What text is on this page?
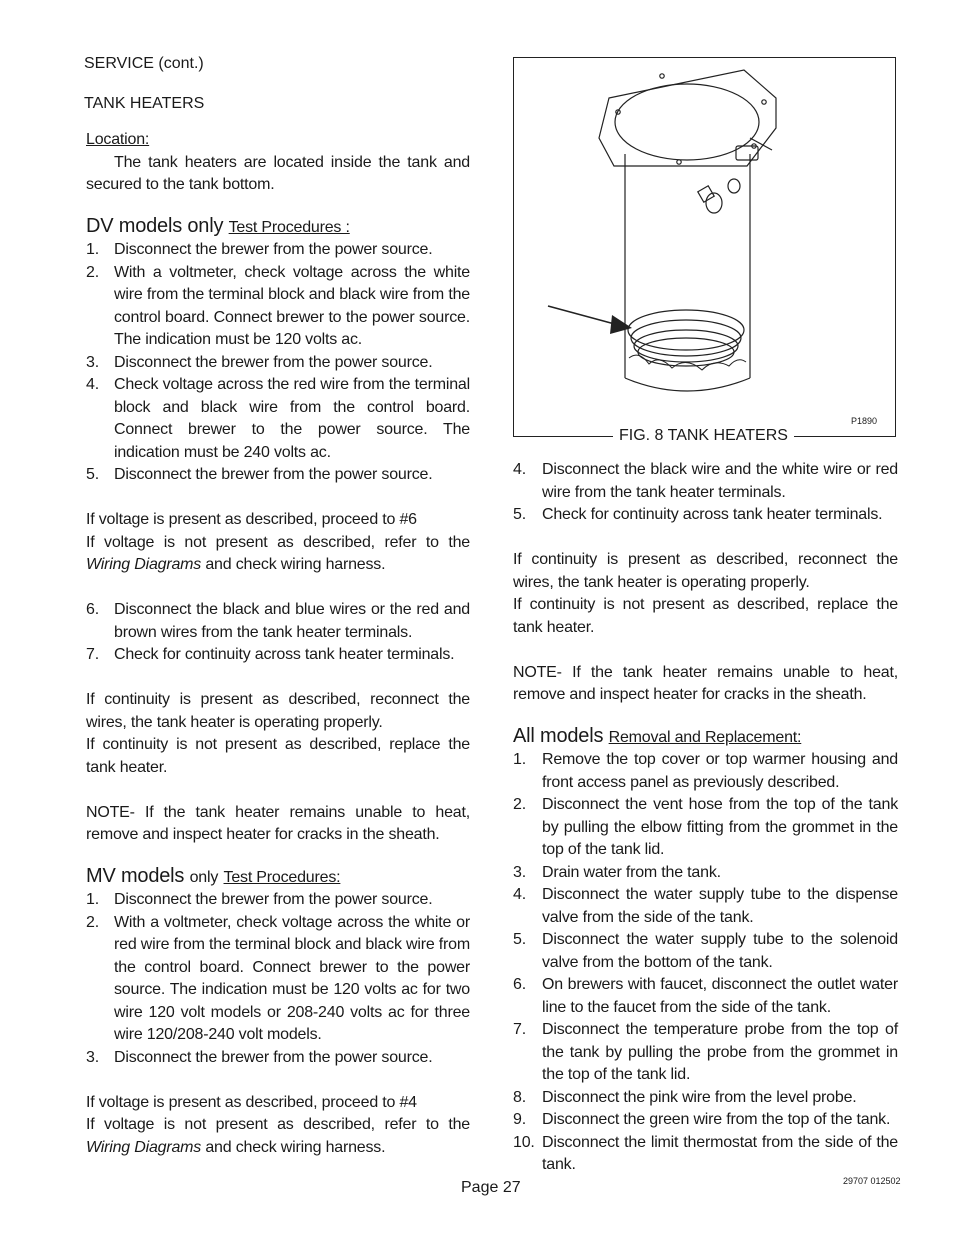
SERVICE (cont.)
TANK HEATERS

Location:

The tank heaters are located inside the tank and secured to the tank bottom.

DV models only Test Procedures :

1. Disconnect the brewer from the power source.
2. With a voltmeter, check voltage across the white wire from the terminal block and black wire from the control board. Connect brewer to the power source. The indication must be 120 volts ac.
3. Disconnect the brewer from the power source.
4. Check voltage across the red wire from the terminal block and black wire from the control board. Connect brewer to the power source. The indication must be 240 volts ac.
5. Disconnect the brewer from the power source.

If voltage is present as described, proceed to #6

If voltage is not present as described, refer to the Wiring Diagrams and check wiring harness.

6. Disconnect the black and blue wires or the red and brown wires from the tank heater terminals.
7. Check for continuity across tank heater terminals.

If continuity is present as described, reconnect the wires, the tank heater is operating properly.

If continuity is not present as described, replace the tank heater.

NOTE- If the tank heater remains unable to heat, remove and inspect heater for cracks in the sheath.

MV models only Test Procedures:

1. Disconnect the brewer from the power source.
2. With a voltmeter, check voltage across the white or red wire from the terminal block and black wire from the control board. Connect brewer to the power source. The indication must be 120 volts ac for two wire 120 volt models or 208-240 volts ac for three wire 120/208-240 volt models.
3. Disconnect the brewer from the power source.

If voltage is present as described, proceed to #4

If voltage is not present as described, refer to the Wiring Diagrams and check wiring harness.

P1890
FIG. 8 TANK HEATERS
4. Disconnect the black wire and the white wire or red wire from the tank heater terminals.
5. Check for continuity across tank heater terminals.

If continuity is present as described, reconnect the wires, the tank heater is operating properly.

If continuity is not present as described, replace the tank heater.

NOTE- If the tank heater remains unable to heat, remove and inspect heater for cracks in the sheath.

All models Removal and Replacement:

1. Remove the top cover or top warmer housing and front access panel as previously described.
2. Disconnect the vent hose from the top of the tank by pulling the elbow fitting from the grommet in the top of the tank lid.
3. Drain water from the tank.
4. Disconnect the water supply tube to the dispense valve from the side of the tank.
5. Disconnect the water supply tube to the solenoid valve from the bottom of the tank.
6. On brewers with faucet, disconnect the outlet water line to the faucet from the side of the tank.
7. Disconnect the temperature probe from the top of the tank by pulling the probe from the grommet in the top of the tank lid.
8. Disconnect the pink wire from the level probe.
9. Disconnect the green wire from the top of the tank.
10. Disconnect the limit thermostat from the side of the tank.
Page 27	29707 012502
